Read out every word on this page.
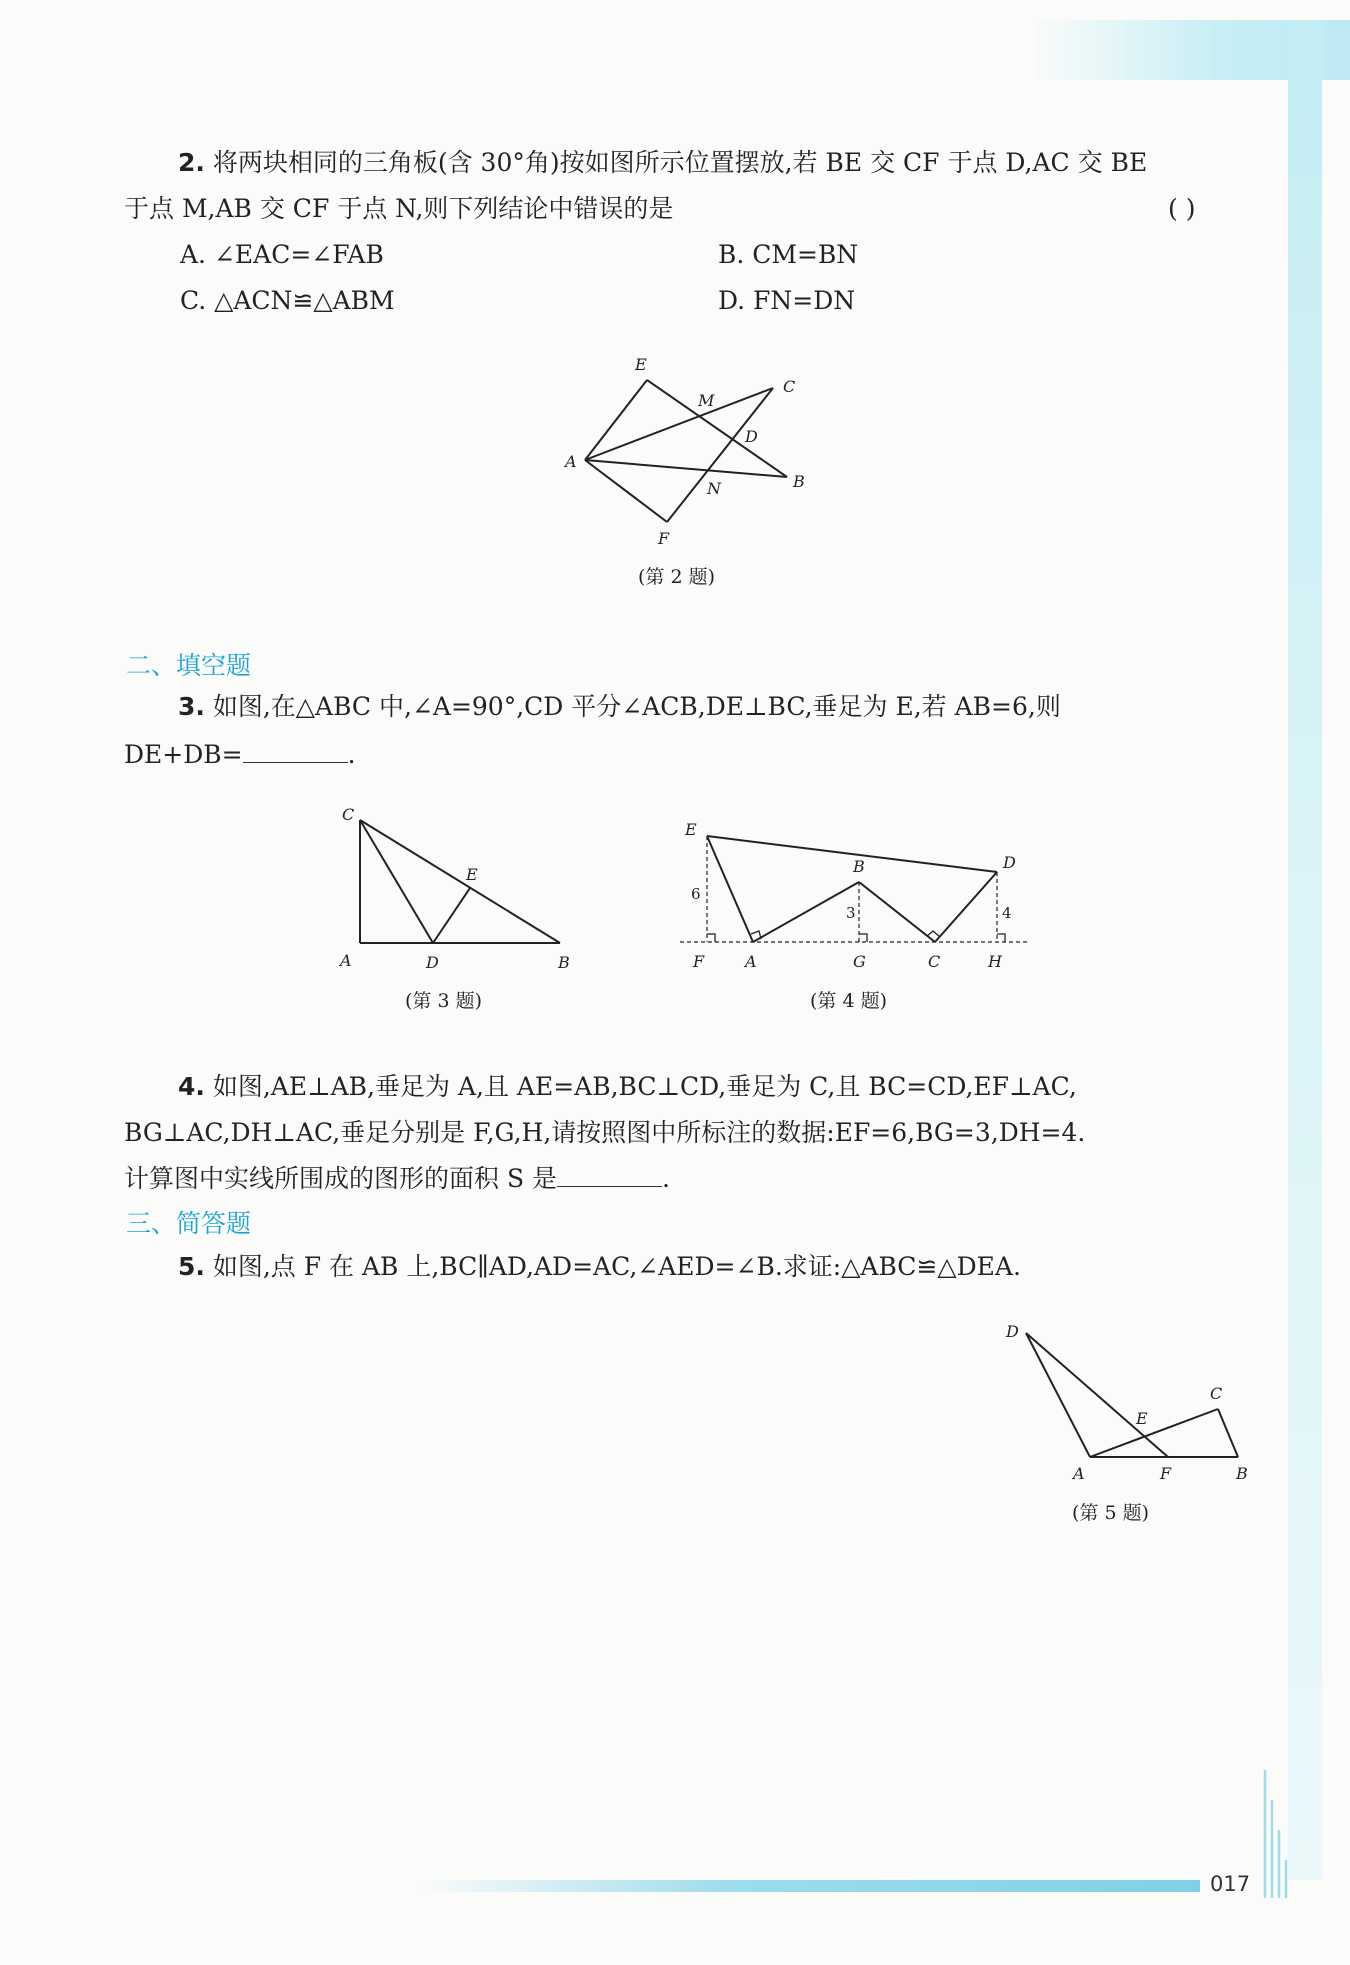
2. 将两块相同的三角板(含 30°角)按如图所示位置摆放,若 BE 交 CF 于点 D,AC 交 BE
于点 M,AB 交 CF 于点 N,则下列结论中错误的是	( )
A. ∠EAC=∠FAB	B. CM=BN
C. △ACN≌△ABM	D. FN=DN
E
M
C
D
A
N	B
F
(第 2 题)
二、填空题
3. 如图,在△ABC 中,∠A=90°,CD 平分∠ACB,DE⊥BC,垂足为 E,若 AB=6,则
DE+DB=	.
C
E
A	D	B
(第 3 题)
E
B	D
F	A	G	C	H
6
3	4
(第 4 题)
4. 如图,AE⊥AB,垂足为 A,且 AE=AB,BC⊥CD,垂足为 C,且 BC=CD,EF⊥AC,
BG⊥AC,DH⊥AC,垂足分别是 F,G,H,请按照图中所标注的数据:EF=6,BG=3,DH=4.
计算图中实线所围成的图形的面积 S 是	.
三、简答题
5. 如图,点 F 在 AB 上,BC∥AD,AD=AC,∠AED=∠B.求证:△ABC≌△DEA.
D
C
E
A	F	B
(第 5 题)
017
